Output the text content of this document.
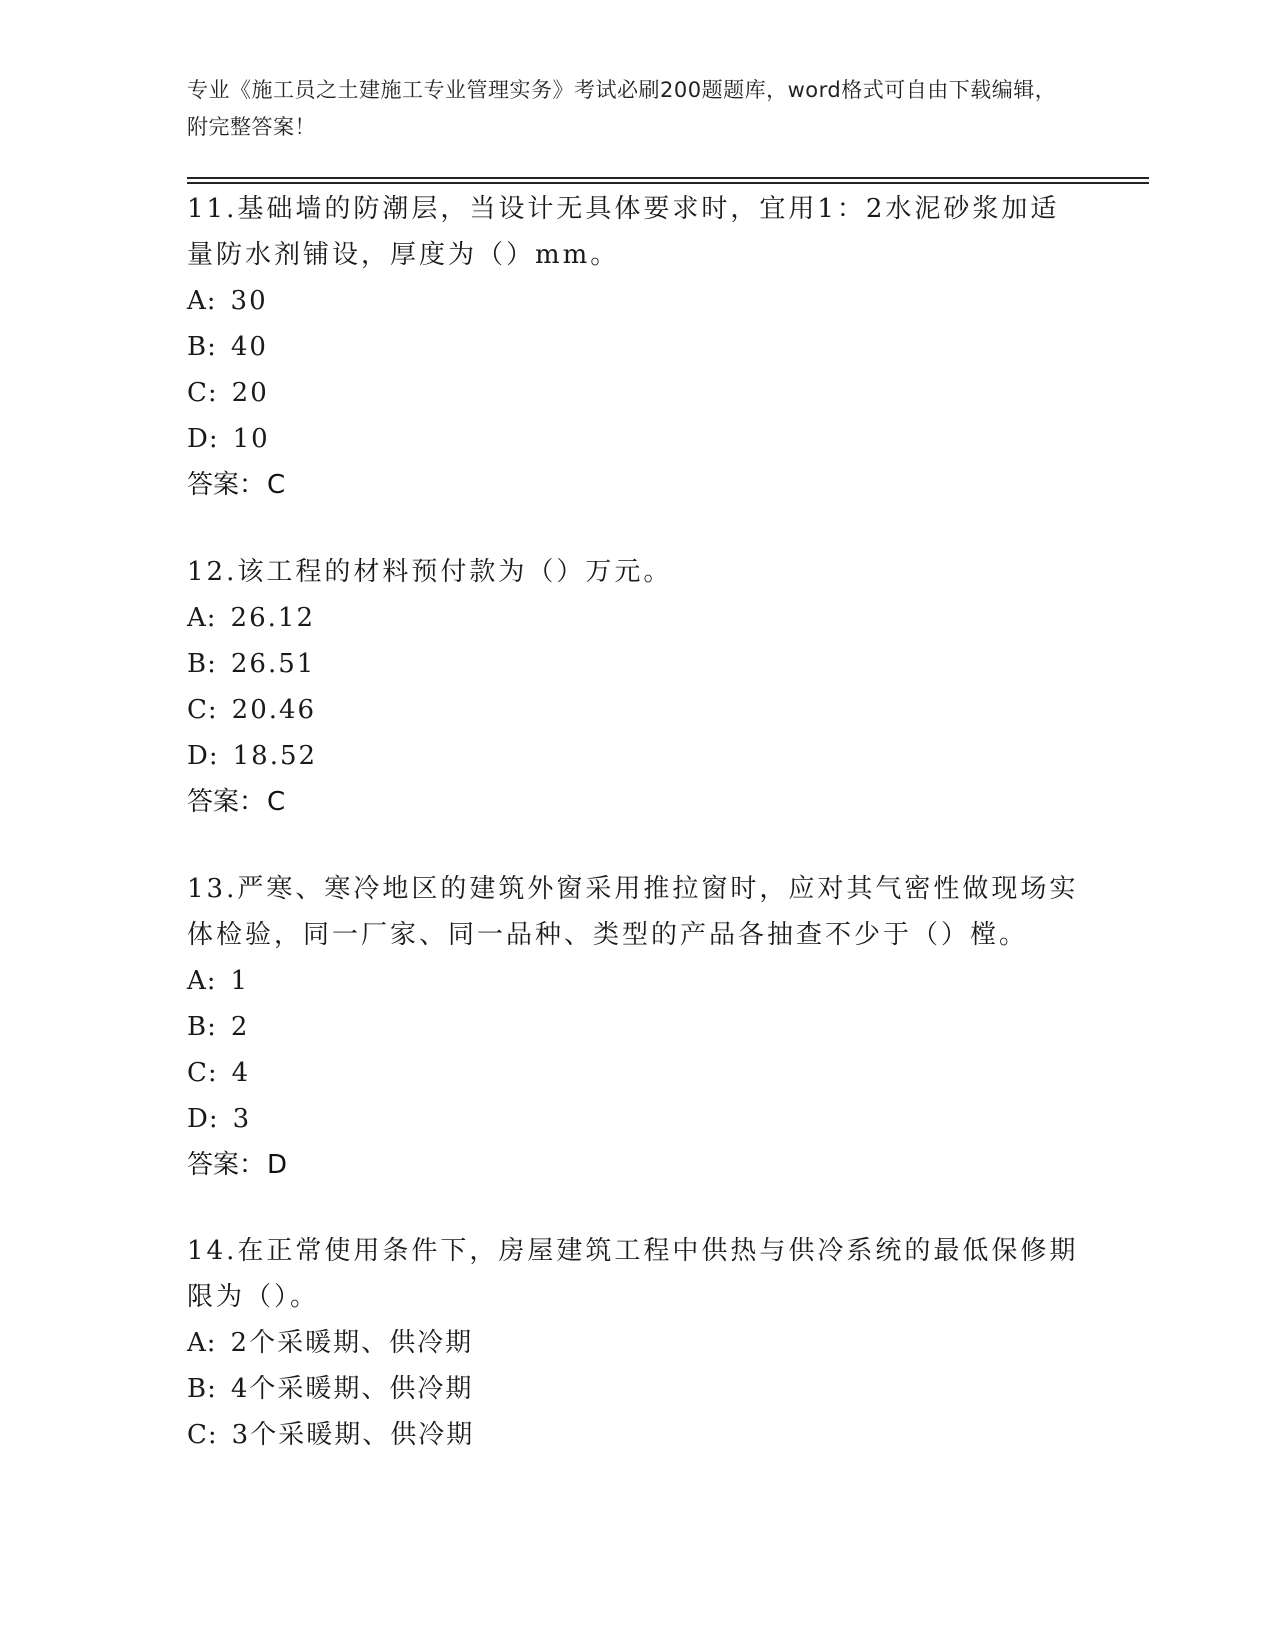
专业《施工员之土建施工专业管理实务》考试必刷200题题库，word格式可自由下载编辑，附完整答案！
11.基础墙的防潮层，当设计无具体要求时，宜用1：2水泥砂浆加适量防水剂铺设，厚度为（）mm。
A: 30
B: 40
C: 20
D: 10
答案：C
12.该工程的材料预付款为（）万元。
A: 26.12
B: 26.51
C: 20.46
D: 18.52
答案：C
13.严寒、寒冷地区的建筑外窗采用推拉窗时，应对其气密性做现场实体检验，同一厂家、同一品种、类型的产品各抽查不少于（）樘。
A: 1
B: 2
C: 4
D: 3
答案：D
14.在正常使用条件下，房屋建筑工程中供热与供冷系统的最低保修期限为（）。
A: 2个采暖期、供冷期
B: 4个采暖期、供冷期
C: 3个采暖期、供冷期
